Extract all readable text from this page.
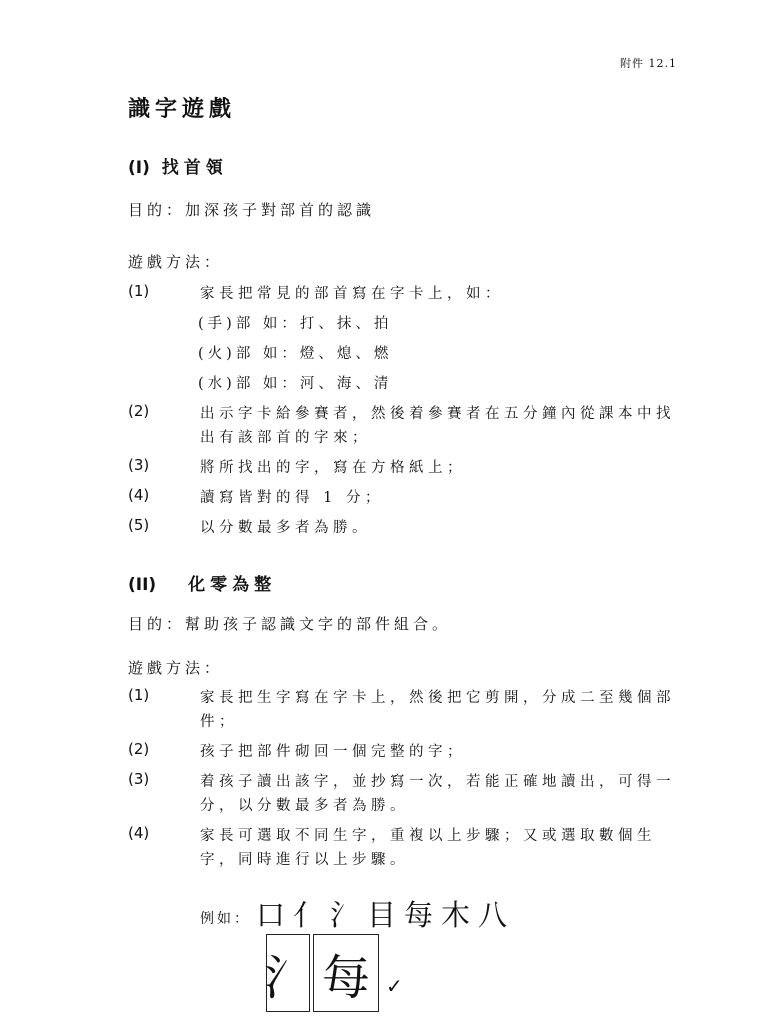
附件 12.1
識字遊戲
(I) 找首領
目的：加深孩子對部首的認識
遊戲方法：
(1)	家長把常見的部首寫在字卡上，如：
(手)部 如：打、抹、拍
(火)部 如：燈、熄、燃
(水)部 如：河、海、清
(2)	出示字卡給參賽者，然後着參賽者在五分鐘內從課本中找出有該部首的字來；
(3)	將所找出的字，寫在方格紙上；
(4)	讀寫皆對的得 1 分；
(5)	以分數最多者為勝。
(II) 化零為整
目的：幫助孩子認識文字的部件組合。
遊戲方法：
(1)	家長把生字寫在字卡上，然後把它剪開，分成二至幾個部件；
(2)	孩子把部件砌回一個完整的字；
(3)	着孩子讀出該字，並抄寫一次，若能正確地讀出，可得一分，以分數最多者為勝。
(4)	家長可選取不同生字，重複以上步驟；又或選取數個生字，同時進行以上步驟。
例如： 口亻氵目每木八
氵 每 ✓
